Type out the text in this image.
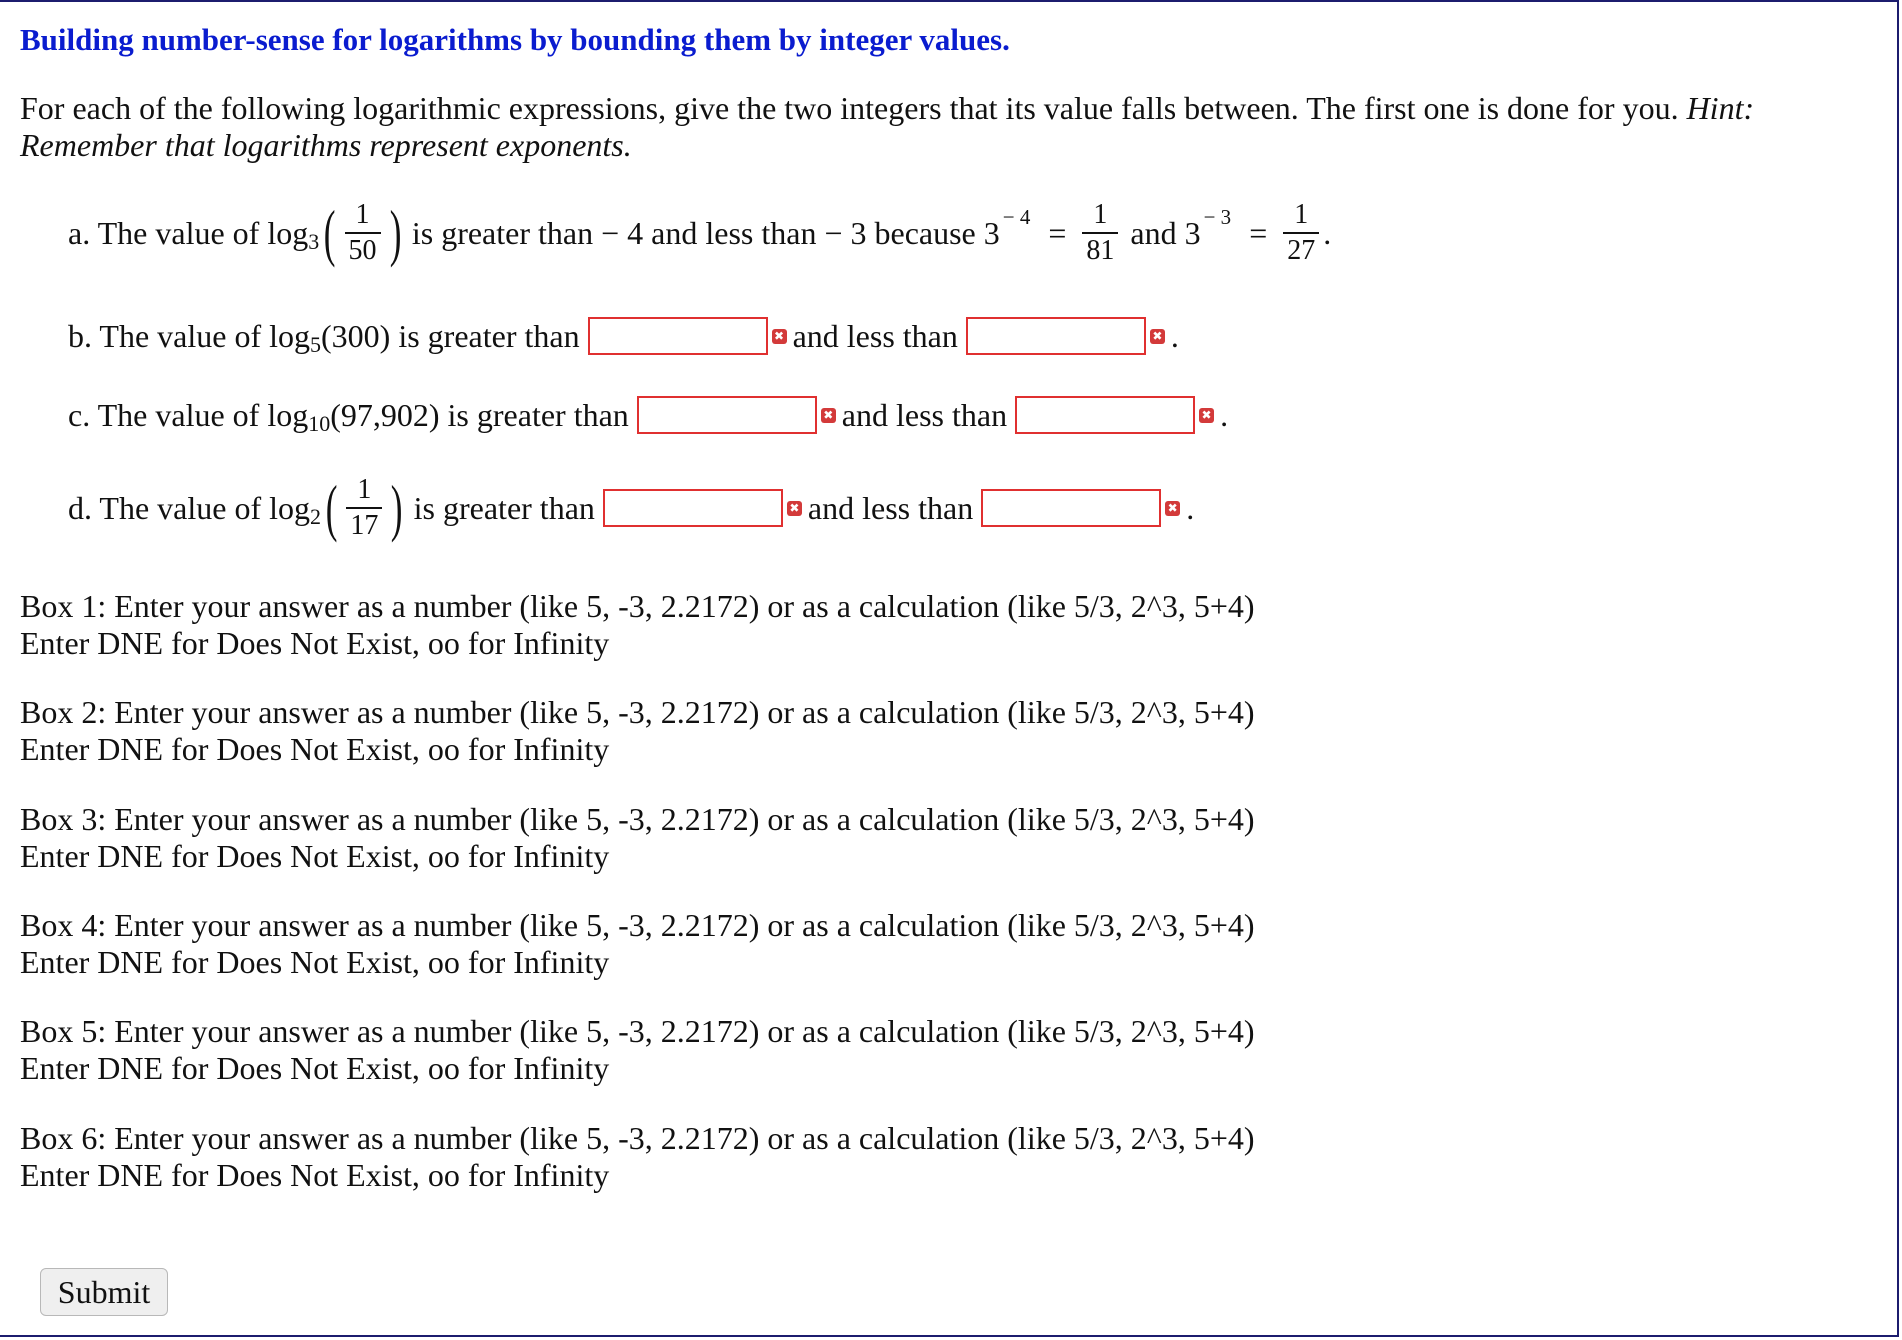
Building number-sense for logarithms by bounding them by integer values.
For each of the following logarithmic expressions, give the two integers that its value falls between. The first one is done for you. Hint: Remember that logarithms represent exponents.
a. The value of log 3 ( $\frac{1}{50}$ ) is greater than − 4 and less than − 3 because $3 - 4 = \frac{1}{81}$ and $3 - 3 = \frac{1}{27}$ .
b. The value of log 5 (300) is greater than	✖ and less than	✖ .
c. The value of log 10 (97,902) is greater than	✖ and less than	✖ .
d. The value of log 2 ( $\frac{1}{17}$ ) is greater than	✖ and less than	✖ .
Box 1: Enter your answer as a number (like 5, -3, 2.2172) or as a calculation (like 5/3, 2^3, 5+4)
Enter DNE for Does Not Exist, oo for Infinity
Box 2: Enter your answer as a number (like 5, -3, 2.2172) or as a calculation (like 5/3, 2^3, 5+4)
Enter DNE for Does Not Exist, oo for Infinity
Box 3: Enter your answer as a number (like 5, -3, 2.2172) or as a calculation (like 5/3, 2^3, 5+4)
Enter DNE for Does Not Exist, oo for Infinity
Box 4: Enter your answer as a number (like 5, -3, 2.2172) or as a calculation (like 5/3, 2^3, 5+4)
Enter DNE for Does Not Exist, oo for Infinity
Box 5: Enter your answer as a number (like 5, -3, 2.2172) or as a calculation (like 5/3, 2^3, 5+4)
Enter DNE for Does Not Exist, oo for Infinity
Box 6: Enter your answer as a number (like 5, -3, 2.2172) or as a calculation (like 5/3, 2^3, 5+4)
Enter DNE for Does Not Exist, oo for Infinity
Submit
